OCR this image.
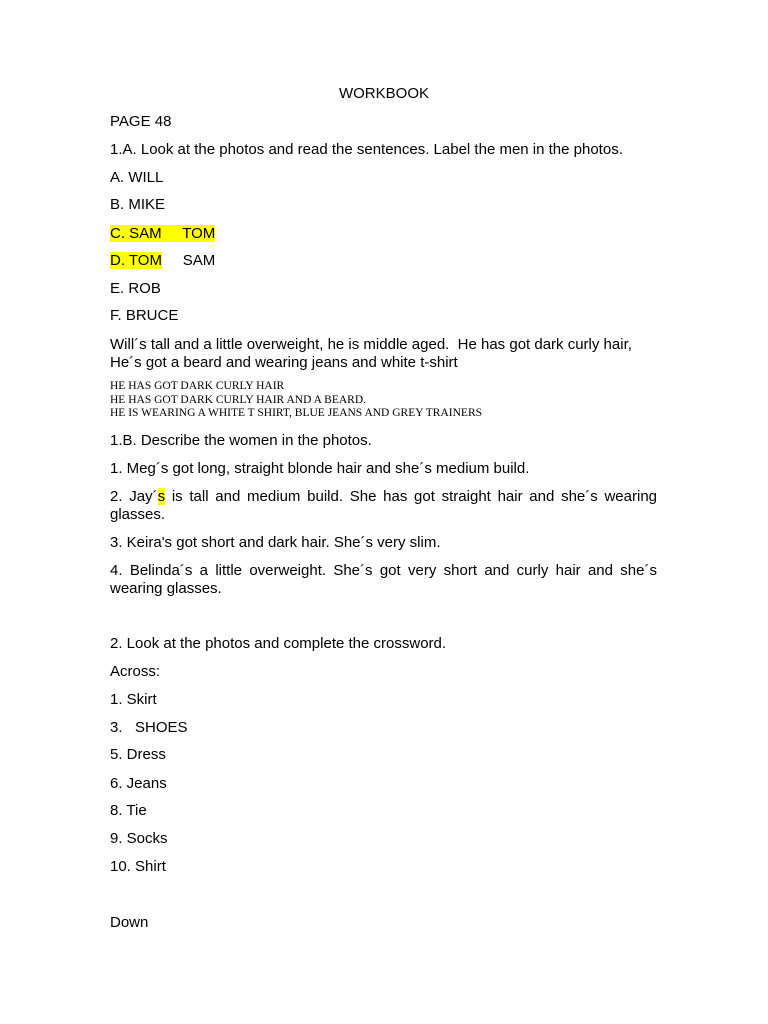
WORKBOOK
PAGE 48
1.A. Look at the photos and read the sentences. Label the men in the photos.
A. WILL
B. MIKE
C. SAM     TOM
D. TOM     SAM
E. ROB
F. BRUCE
Will´s tall and a little overweight, he is middle aged.  He has got dark curly hair,
He´s got a beard and wearing jeans and white t-shirt
HE HAS GOT DARK CURLY HAIR
HE HAS GOT DARK CURLY HAIR AND A BEARD.
HE IS WEARING A WHITE T SHIRT, BLUE JEANS AND GREY TRAINERS
1.B. Describe the women in the photos.
1. Meg´s got long, straight blonde hair and she´s medium build.
2. Jay´s is tall and medium build. She has got straight hair and she´s wearing glasses.
3. Keira's got short and dark hair. She´s very slim.
4. Belinda´s a little overweight. She´s got very short and curly hair and she´s wearing glasses.
2. Look at the photos and complete the crossword.
Across:
1. Skirt
3.   SHOES
5. Dress
6. Jeans
8. Tie
9. Socks
10. Shirt
Down
